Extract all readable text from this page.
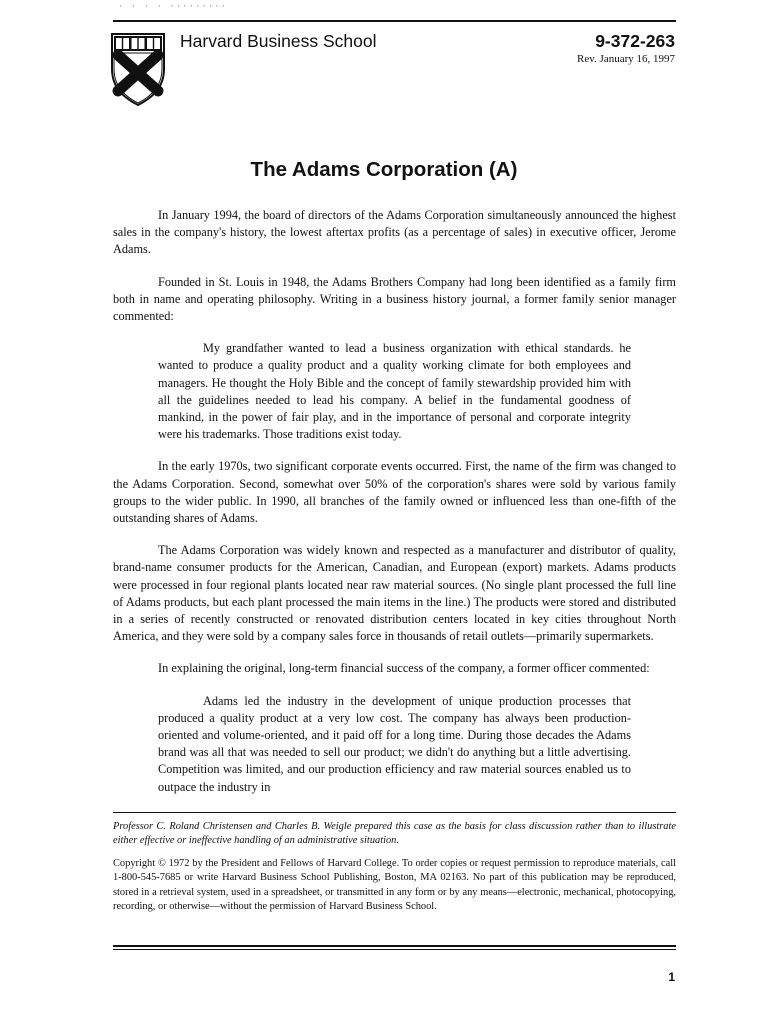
· · · · ·········
Harvard Business School	9-372-263
Rev. January 16, 1997
The Adams Corporation (A)

In January 1994, the board of directors of the Adams Corporation simultaneously announced the highest sales in the company's history, the lowest aftertax profits (as a percentage of sales) in executive officer, Jerome Adams.

Founded in St. Louis in 1948, the Adams Brothers Company had long been identified as a family firm both in name and operating philosophy. Writing in a business history journal, a former family senior manager commented:

My grandfather wanted to lead a business organization with ethical standards. he wanted to produce a quality product and a quality working climate for both employees and managers. He thought the Holy Bible and the concept of family stewardship provided him with all the guidelines needed to lead his company. A belief in the fundamental goodness of mankind, in the power of fair play, and in the importance of personal and corporate integrity were his trademarks. Those traditions exist today.

In the early 1970s, two significant corporate events occurred. First, the name of the firm was changed to the Adams Corporation. Second, somewhat over 50% of the corporation's shares were sold by various family groups to the wider public. In 1990, all branches of the family owned or influenced less than one-fifth of the outstanding shares of Adams.

The Adams Corporation was widely known and respected as a manufacturer and distributor of quality, brand-name consumer products for the American, Canadian, and European (export) markets. Adams products were processed in four regional plants located near raw material sources. (No single plant processed the full line of Adams products, but each plant processed the main items in the line.) The products were stored and distributed in a series of recently constructed or renovated distribution centers located in key cities throughout North America, and they were sold by a company sales force in thousands of retail outlets—primarily supermarkets.

In explaining the original, long-term financial success of the company, a former officer commented:

Adams led the industry in the development of unique production processes that produced a quality product at a very low cost. The company has always been production-oriented and volume-oriented, and it paid off for a long time. During those decades the Adams brand was all that was needed to sell our product; we didn't do anything but a little advertising. Competition was limited, and our production efficiency and raw material sources enabled us to outpace the industry in

Professor C. Roland Christensen and Charles B. Weigle prepared this case as the basis for class discussion rather than to illustrate either effective or ineffective handling of an administrative situation.

Copyright © 1972 by the President and Fellows of Harvard College. To order copies or request permission to reproduce materials, call 1-800-545-7685 or write Harvard Business School Publishing, Boston, MA 02163. No part of this publication may be reproduced, stored in a retrieval system, used in a spreadsheet, or transmitted in any form or by any means—electronic, mechanical, photocopying, recording, or otherwise—without the permission of Harvard Business School.

1
